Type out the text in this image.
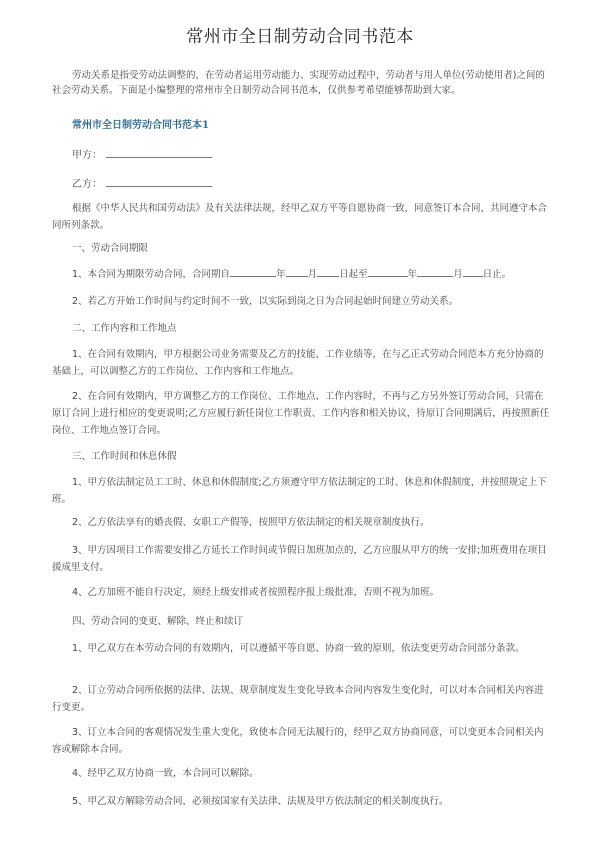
常州市全日制劳动合同书范本
劳动关系是指受劳动法调整的，在劳动者运用劳动能力、实现劳动过程中，劳动者与用人单位(劳动使用者)之间的社会劳动关系。下面是小编整理的常州市全日制劳动合同书范本，仅供参考希望能够帮助到大家。
常州市全日制劳动合同书范本1
甲方：
乙方：

根据《中华人民共和国劳动法》及有关法律法规，经甲乙双方平等自愿协商一致，同意签订本合同，共同遵守本合同所列条款。

一、劳动合同期限

1、本合同为期限劳动合同，合同期自	年 月 日起至	年	月 日止。

2、若乙方开始工作时间与约定时间不一致，以实际到岗之日为合同起始时间建立劳动关系。

二、工作内容和工作地点

1、在合同有效期内，甲方根据公司业务需要及乙方的技能、工作业绩等，在与乙正式劳动合同范本方充分协商的基础上，可以调整乙方的工作岗位、工作内容和工作地点。

2、在合同有效期内，甲方调整乙方的工作岗位、工作地点、工作内容时，不再与乙方另外签订劳动合同，只需在原订合同上进行相应的变更说明;乙方应履行新任岗位工作职责、工作内容和相关协议，待原订合同期满后，再按照新任岗位、工作地点签订合同。

三、工作时间和休息休假

1、甲方依法制定员工工时、休息和休假制度;乙方须遵守甲方依法制定的工时、休息和休假制度，并按照规定上下班。

2、乙方依法享有的婚丧假、女职工产假等，按照甲方依法制定的相关规章制度执行。

3、甲方因项目工作需要安排乙方延长工作时间或节假日加班加点的，乙方应服从甲方的统一安排;加班费用在项目援成里支付。

4、乙方加班不能自行决定，须经上级安排或者按照程序报上级批准，否则不视为加班。

四、劳动合同的变更、解除、终止和续订

1、甲乙双方在本劳动合同的有效期内，可以遵循平等自愿、协商一致的原则，依法变更劳动合同部分条款。

2、订立劳动合同所依据的法律、法规、规章制度发生变化导致本合同内容发生变化时，可以对本合同相关内容进行变更。

3、订立本合同的客观情况发生重大变化，致使本合同无法履行的，经甲乙双方协商同意，可以变更本合同相关内容或解除本合同。

4、经甲乙双方协商一致，本合同可以解除。

5、甲乙双方解除劳动合同，必须按国家有关法律、法规及甲方依法制定的相关制度执行。
